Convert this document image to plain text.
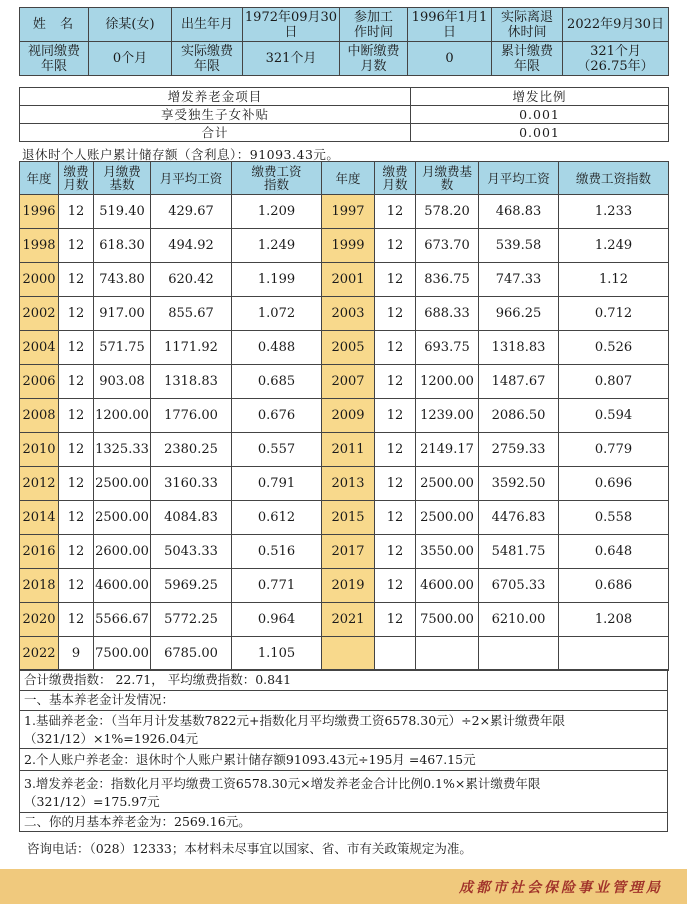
姓  名	徐某(女)	出生年月	1972年09月30日	参加工作时间	1996年1月1日	实际离退休时间	2022年9月30日
视同缴费年限	0个月	实际缴费年限	321个月	中断缴费月数	0	累计缴费年限	321个月
（26.75年）
增发养老金项目	增发比例
享受独生子女补贴	0.001
合计	0.001
退休时个人账户累计储存额（含利息）：91093.43元。
年度	缴费月数	月缴费基数	月平均工资	缴费工资指数	年度	缴费月数	月缴费基数	月平均工资	缴费工资指数
1996	12	519.40	429.67	1.209	1997	12	578.20	468.83	1.233
1998	12	618.30	494.92	1.249	1999	12	673.70	539.58	1.249
2000	12	743.80	620.42	1.199	2001	12	836.75	747.33	1.12
2002	12	917.00	855.67	1.072	2003	12	688.33	966.25	0.712
2004	12	571.75	1171.92	0.488	2005	12	693.75	1318.83	0.526
2006	12	903.08	1318.83	0.685	2007	12	1200.00	1487.67	0.807
2008	12	1200.00	1776.00	0.676	2009	12	1239.00	2086.50	0.594
2010	12	1325.33	2380.25	0.557	2011	12	2149.17	2759.33	0.779
2012	12	2500.00	3160.33	0.791	2013	12	2500.00	3592.50	0.696
2014	12	2500.00	4084.83	0.612	2015	12	2500.00	4476.83	0.558
2016	12	2600.00	5043.33	0.516	2017	12	3550.00	5481.75	0.648
2018	12	4600.00	5969.25	0.771	2019	12	4600.00	6705.33	0.686
2020	12	5566.67	5772.25	0.964	2021	12	7500.00	6210.00	1.208
2022	9	7500.00	6785.00	1.105					
合计缴费指数： 22.71， 平均缴费指数：0.841
一、基本养老金计发情况：
1.基础养老金：（当年月计发基数7822元+指数化月平均缴费工资6578.30元）÷2×累计缴费年限
（321/12）×1%=1926.04元
2.个人账户养老金：退休时个人账户累计储存额91093.43元÷195月 =467.15元
3.增发养老金：指数化月平均缴费工资6578.30元×增发养老金合计比例0.1%×累计缴费年限
（321/12）=175.97元
二、你的月基本养老金为：2569.16元。
咨询电话：（028）12333；本材料未尽事宜以国家、省、市有关政策规定为准。
成都市社会保险事业管理局
